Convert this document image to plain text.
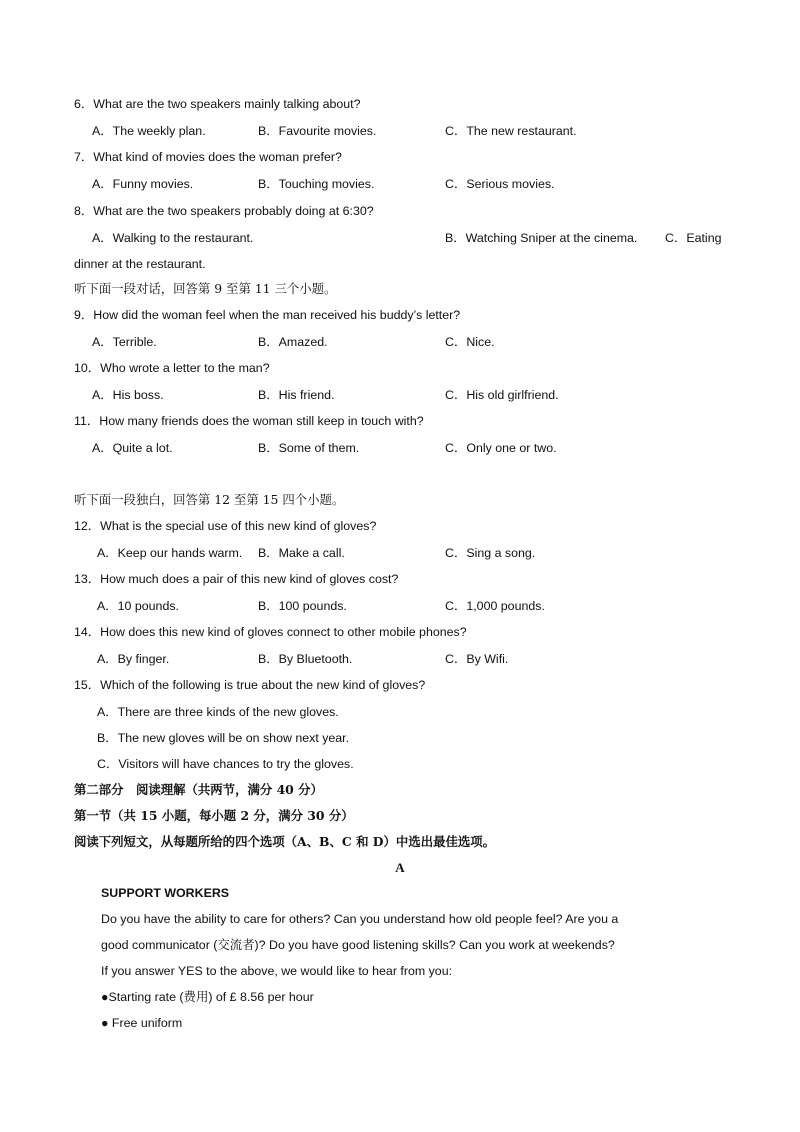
6．What are the two speakers mainly talking about?
A．The weekly plan.	B．Favourite movies.	C．The new restaurant.
7．What kind of movies does the woman prefer?
A．Funny movies.	B．Touching movies.	C．Serious movies.
8．What are the two speakers probably doing at 6:30?
A．Walking to the restaurant.	B．Watching Sniper at the cinema. C．Eating
dinner at the restaurant.
听下面一段对话，回答第 9 至第 11 三个小题。
9．How did the woman feel when the man received his buddy’s letter?
A．Terrible.	B．Amazed.	C．Nice.
10．Who wrote a letter to the man?
A．His boss.	B．His friend.	C．His old girlfriend.
11．How many friends does the woman still keep in touch with?
A．Quite a lot.	B．Some of them.	C．Only one or two.
听下面一段独白，回答第 12 至第 15 四个小题。
12．What is the special use of this new kind of gloves?
A．Keep our hands warm. B．Make a call.	C．Sing a song.
13．How much does a pair of this new kind of gloves cost?
A．10 pounds.	B．100 pounds.	C．1,000 pounds.
14．How does this new kind of gloves connect to other mobile phones?
A．By finger.	B．By Bluetooth.	C．By Wifi.
15．Which of the following is true about the new kind of gloves?
A．There are three kinds of the new gloves.
B．The new gloves will be on show next year.
C．Visitors will have chances to try the gloves.
第二部分　阅读理解（共两节，满分 40 分）
第一节（共 15 小题，每小题 2 分，满分 30 分）
阅读下列短文，从每题所给的四个选项（A、B、C 和 D）中选出最佳选项。
A
SUPPORT WORKERS
Do you have the ability to care for others? Can you understand how old people feel? Are you a
good communicator (交流者)? Do you have good listening skills? Can you work at weekends?
If you answer YES to the above, we would like to hear from you:
●Starting rate (费用) of £ 8.56 per hour
● Free uniform
